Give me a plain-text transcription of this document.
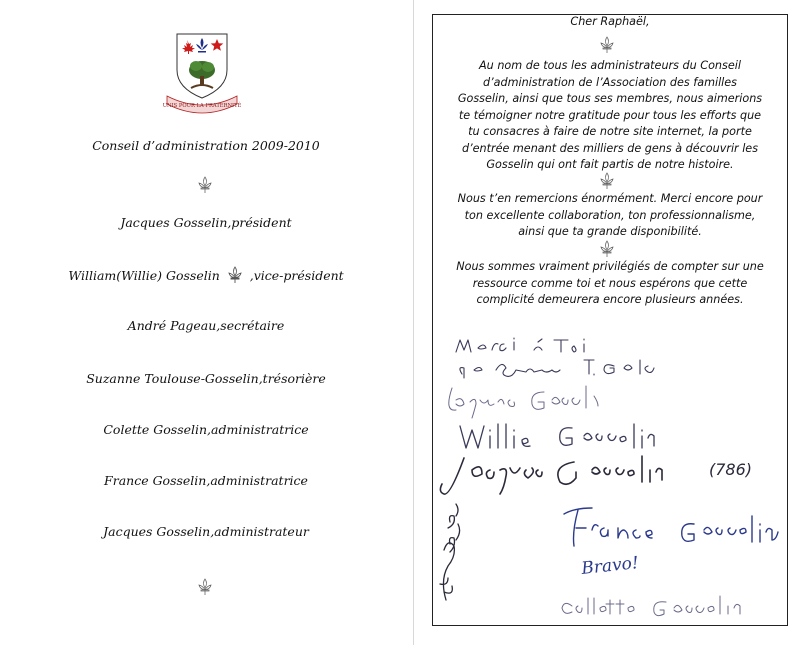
UNIS POUR LA FRATERNITÉ
Conseil d’administration 2009-2010
Jacques Gosselin,président
William(Willie) Gosselin ,vice-président
André Pageau,secrétaire
Suzanne Toulouse-Gosselin,trésorière
Colette Gosselin,administratrice
France Gosselin,administratrice
Jacques Gosselin,administrateur
Cher Raphaël,
Au nom de tous les administrateurs du Conseil
d’administration de l’Association des familles
Gosselin, ainsi que tous ses membres, nous aimerions
te témoigner notre gratitude pour tous les efforts que
tu consacres à faire de notre site internet, la porte
d’entrée menant des milliers de gens à découvrir les
Gosselin qui ont fait partis de notre histoire.
Nous t’en remercions énormément. Merci encore pour
ton excellente collaboration, ton professionnalisme,
ainsi que ta grande disponibilité.
Nous sommes vraiment privilégiés de compter sur une
ressource comme toi et nous espérons que cette
complicité demeurera encore plusieurs années.
(786)
Bravo!
